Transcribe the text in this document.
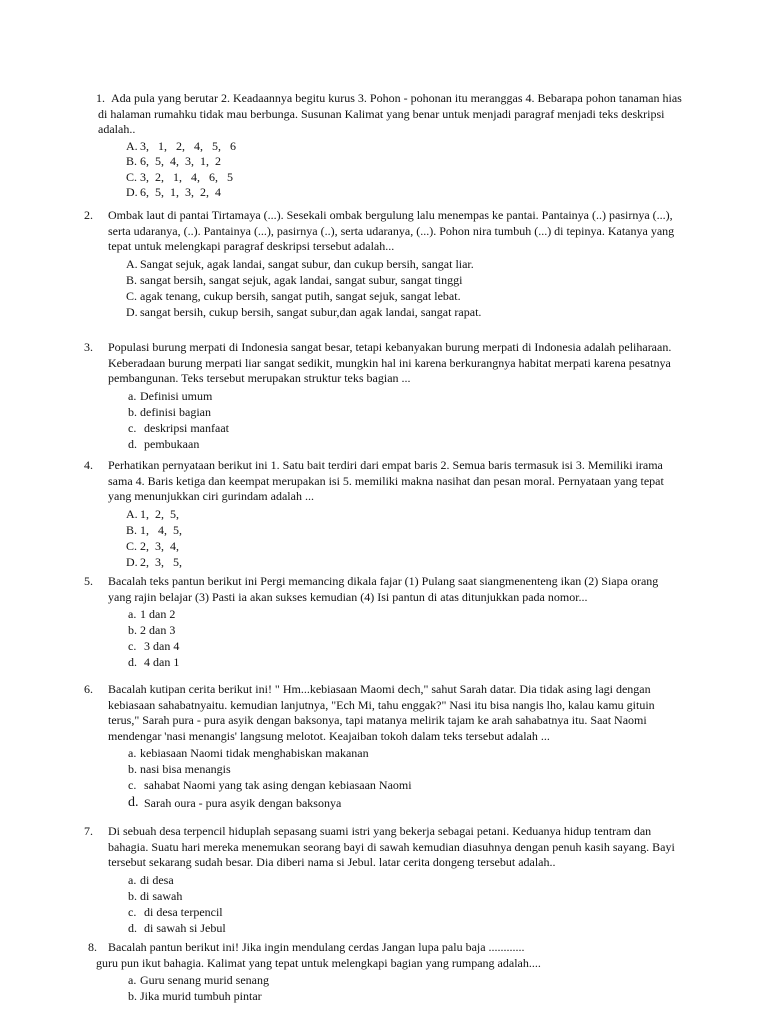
1. Ada pula yang berutar 2. Keadaannya begitu kurus 3. Pohon - pohonan itu meranggas 4. Bebarapa pohon tanaman hias di halaman rumahku tidak mau berbunga. Susunan Kalimat yang benar untuk menjadi paragraf menjadi teks deskripsi adalah..
A. 3,   1,   2,   4,   5,   6
B. 6,  5,  4,  3,  1,  2
C. 3,  2,   1,   4,   6,   5
D. 6,  5,  1,  3,  2,  4
2. Ombak laut di pantai Tirtamaya (...). Sesekali ombak bergulung lalu menempas ke pantai. Pantainya (..) pasirnya (...), serta udaranya, (..). Pantainya (...), pasirnya (..), serta udaranya, (...). Pohon nira tumbuh (...) di tepinya. Katanya yang tepat untuk melengkapi paragraf deskripsi tersebut adalah...
A. Sangat sejuk, agak landai, sangat subur, dan cukup bersih, sangat liar.
B. sangat bersih, sangat sejuk, agak landai, sangat subur, sangat tinggi
C. agak tenang, cukup bersih, sangat putih, sangat sejuk, sangat lebat.
D. sangat bersih, cukup bersih, sangat subur,dan agak landai, sangat rapat.
3. Populasi burung merpati di Indonesia sangat besar, tetapi kebanyakan burung merpati di Indonesia adalah peliharaan. Keberadaan burung merpati liar sangat sedikit, mungkin hal ini karena berkurangnya habitat merpati karena pesatnya pembangunan. Teks tersebut merupakan struktur teks bagian ...
a. Definisi umum
b. definisi bagian
c. deskripsi manfaat
d. pembukaan
4. Perhatikan pernyataan berikut ini 1. Satu bait terdiri dari empat baris 2. Semua baris termasuk isi 3. Memiliki irama sama 4. Baris ketiga dan keempat merupakan isi 5. memiliki makna nasihat dan pesan moral. Pernyataan yang tepat yang menunjukkan ciri gurindam adalah ...
A. 1,  2,  5,
B. 1,   4,  5,
C. 2,  3,  4,
D. 2,  3,   5,
5. Bacalah teks pantun berikut ini Pergi memancing dikala fajar (1) Pulang saat siangmenenteng ikan (2) Siapa orang yang rajin belajar (3) Pasti ia akan sukses kemudian (4) Isi pantun di atas ditunjukkan pada nomor...
a. 1 dan 2
b. 2 dan 3
c. 3 dan 4
d. 4 dan 1
6. Bacalah kutipan cerita berikut ini! " Hm...kebiasaan Maomi dech," sahut Sarah datar. Dia tidak asing lagi dengan kebiasaan sahabatnyaitu. kemudian lanjutnya, "Ech Mi, tahu enggak?" Nasi itu bisa nangis lho, kalau kamu gituin terus," Sarah pura - pura asyik dengan baksonya, tapi matanya melirik tajam ke arah sahabatnya itu. Saat Naomi mendengar 'nasi menangis' langsung melotot. Keajaiban tokoh dalam teks tersebut adalah ...
a. kebiasaan Naomi tidak menghabiskan makanan
b. nasi bisa menangis
c. sahabat Naomi yang tak asing dengan kebiasaan Naomi
d. Sarah oura - pura asyik dengan baksonya
7. Di sebuah desa terpencil hiduplah sepasang suami istri yang bekerja sebagai petani. Keduanya hidup tentram dan bahagia. Suatu hari mereka menemukan seorang bayi di sawah kemudian diasuhnya dengan penuh kasih sayang. Bayi tersebut sekarang sudah besar. Dia diberi nama si Jebul. latar cerita dongeng tersebut adalah..
a. di desa
b. di sawah
c. di desa terpencil
d. di sawah si Jebul
8. Bacalah pantun berikut ini! Jika ingin mendulang cerdas Jangan lupa palu baja ............
guru pun ikut bahagia. Kalimat yang tepat untuk melengkapi bagian yang rumpang adalah....
a. Guru senang murid senang
b. Jika murid tumbuh pintar
